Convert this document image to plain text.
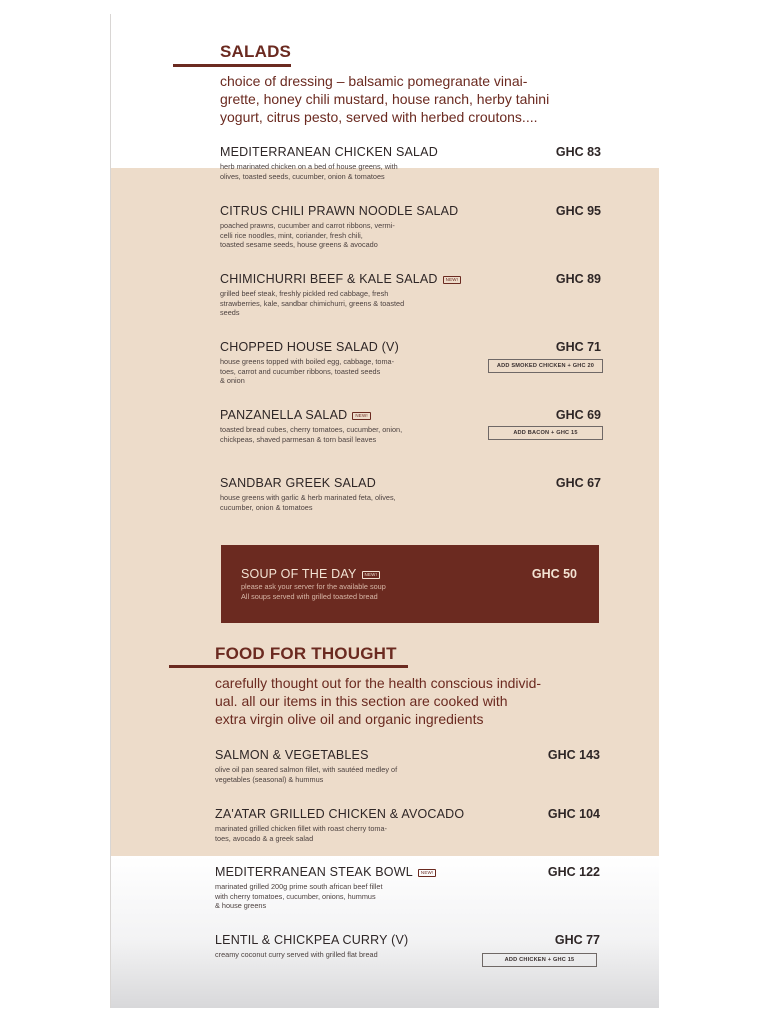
SALADS

choice of dressing – balsamic pomegranate vinai-
grette, honey chili mustard, house ranch, herby tahini
yogurt, citrus pesto, served with herbed croutons....

MEDITERRANEAN CHICKEN SALAD	GHC 83

herb marinated chicken on a bed of house greens, with
olives, toasted seeds, cucumber, onion & tomatoes

CITRUS CHILI PRAWN NOODLE SALAD	GHC 95

poached prawns, cucumber and carrot ribbons, vermi-
celli rice noodles, mint, coriander, fresh chili,
toasted sesame seeds, house greens & avocado

CHIMICHURRI BEEF & KALE SALAD NEW!	GHC 89

grilled beef steak, freshly pickled red cabbage, fresh
strawberries, kale, sandbar chimichurri, greens & toasted
seeds

CHOPPED HOUSE SALAD (V)	GHC 71

house greens topped with boiled egg, cabbage, toma-
toes, carrot and cucumber ribbons, toasted seeds
& onion

ADD SMOKED CHICKEN + GHC 20
PANZANELLA SALAD NEW!	GHC 69

toasted bread cubes, cherry tomatoes, cucumber, onion,
chickpeas, shaved parmesan & torn basil leaves

ADD BACON + GHC 15
SANDBAR GREEK SALAD	GHC 67

house greens with garlic & herb marinated feta, olives,
cucumber, onion & tomatoes

SOUP OF THE DAY NEW!	GHC 50

please ask your server for the available soup
All soups served with grilled toasted bread

FOOD FOR THOUGHT

carefully thought out for the health conscious individ-
ual. all our items in this section are cooked with
extra virgin olive oil and organic ingredients

SALMON & VEGETABLES	GHC 143

olive oil pan seared salmon fillet, with sautéed medley of
vegetables (seasonal) & hummus

ZA'ATAR GRILLED CHICKEN & AVOCADO	GHC 104

marinated grilled chicken fillet with roast cherry toma-
toes, avocado & a greek salad

MEDITERRANEAN STEAK BOWL NEW!	GHC 122

marinated grilled 200g prime south african beef fillet
with cherry tomatoes, cucumber, onions, hummus
& house greens

LENTIL & CHICKPEA CURRY (V)	GHC 77

creamy coconut curry served with grilled flat bread

ADD CHICKEN + GHC 15
